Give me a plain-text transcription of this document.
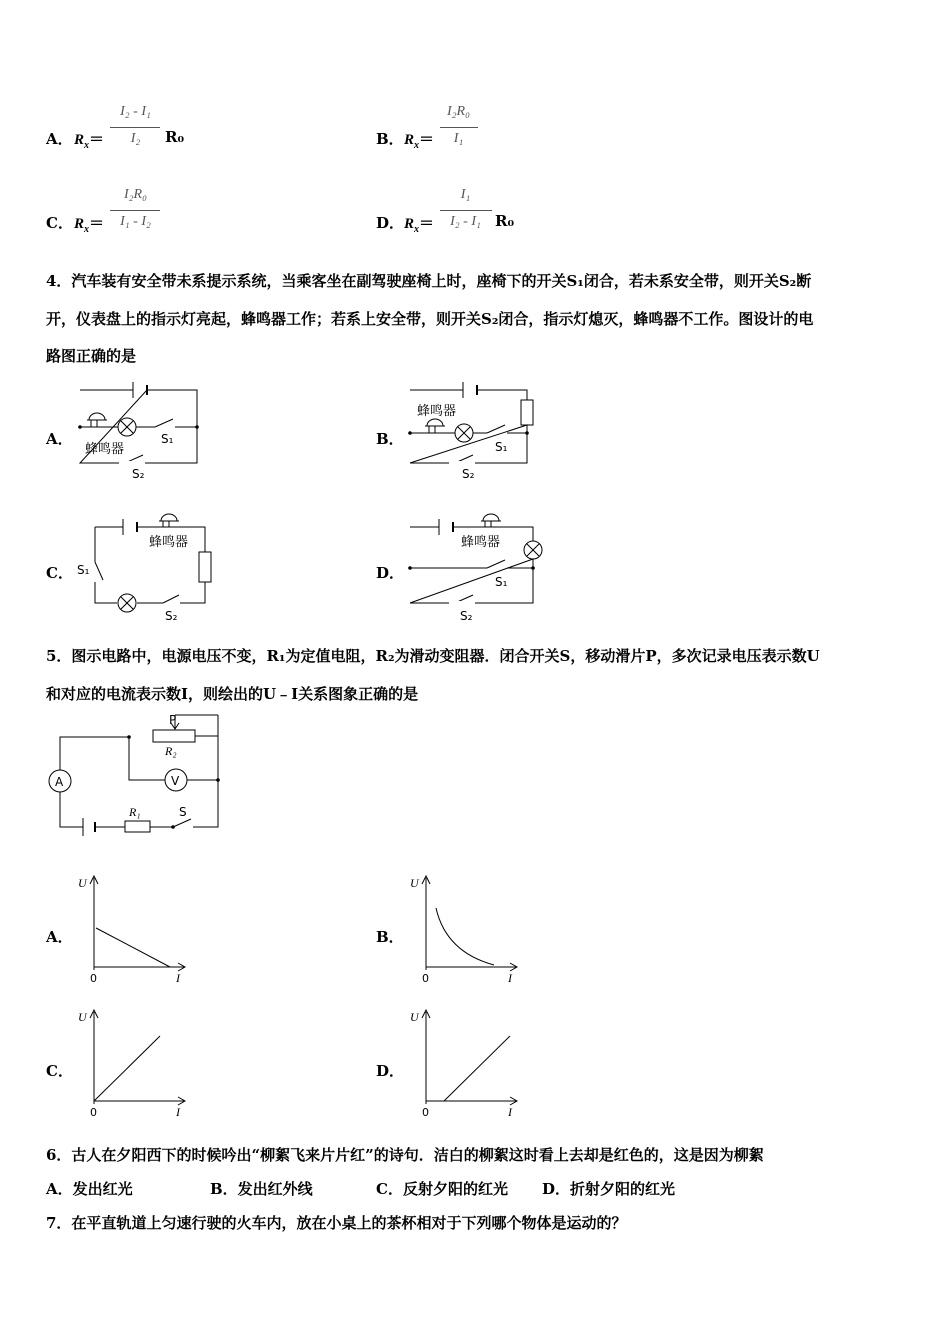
A． $R_x=$
I₂ - I₁
I₂	R₀	B． $R_x=$
I₂R₀
I₁
C． $R_x=$
I₂R₀
I₁ - I₂	D． $R_x=$
I₁
I₂ - I₁ R₀
4．汽车装有安全带未系提示系统，当乘客坐在副驾驶座椅上时，座椅下的开关S₁闭合，若未系安全带，则开关S₂断
开，仪表盘上的指示灯亮起，蜂鸣器工作；若系上安全带，则开关S₂闭合，指示灯熄灭，蜂鸣器不工作。图设计的电
路图正确的是
A．	B．
C．	D．
蜂鸣器
S₁
S₂
蜂鸣器
S₁
S₂
蜂鸣器
S₁
S₂
蜂鸣器
S₁
S₂
5．图示电路中，电源电压不变，R₁为定值电阻，R₂为滑动变阻器．闭合开关S，移动滑片P，多次记录电压表示数U
和对应的电流表示数I，则绘出的U﹣I关系图象正确的是
P
R₂
V
A
R₁	S
A．	B．
C．	D．
U
0	I
U
0	I
U
0	I
U
0	I
6．古人在夕阳西下的时候吟出“柳絮飞来片片红”的诗句．洁白的柳絮这时看上去却是红色的，这是因为柳絮
A．发出红光	B．发出红外线	C．反射夕阳的红光 D．折射夕阳的红光
7．在平直轨道上匀速行驶的火车内，放在小桌上的茶杯相对于下列哪个物体是运动的？
